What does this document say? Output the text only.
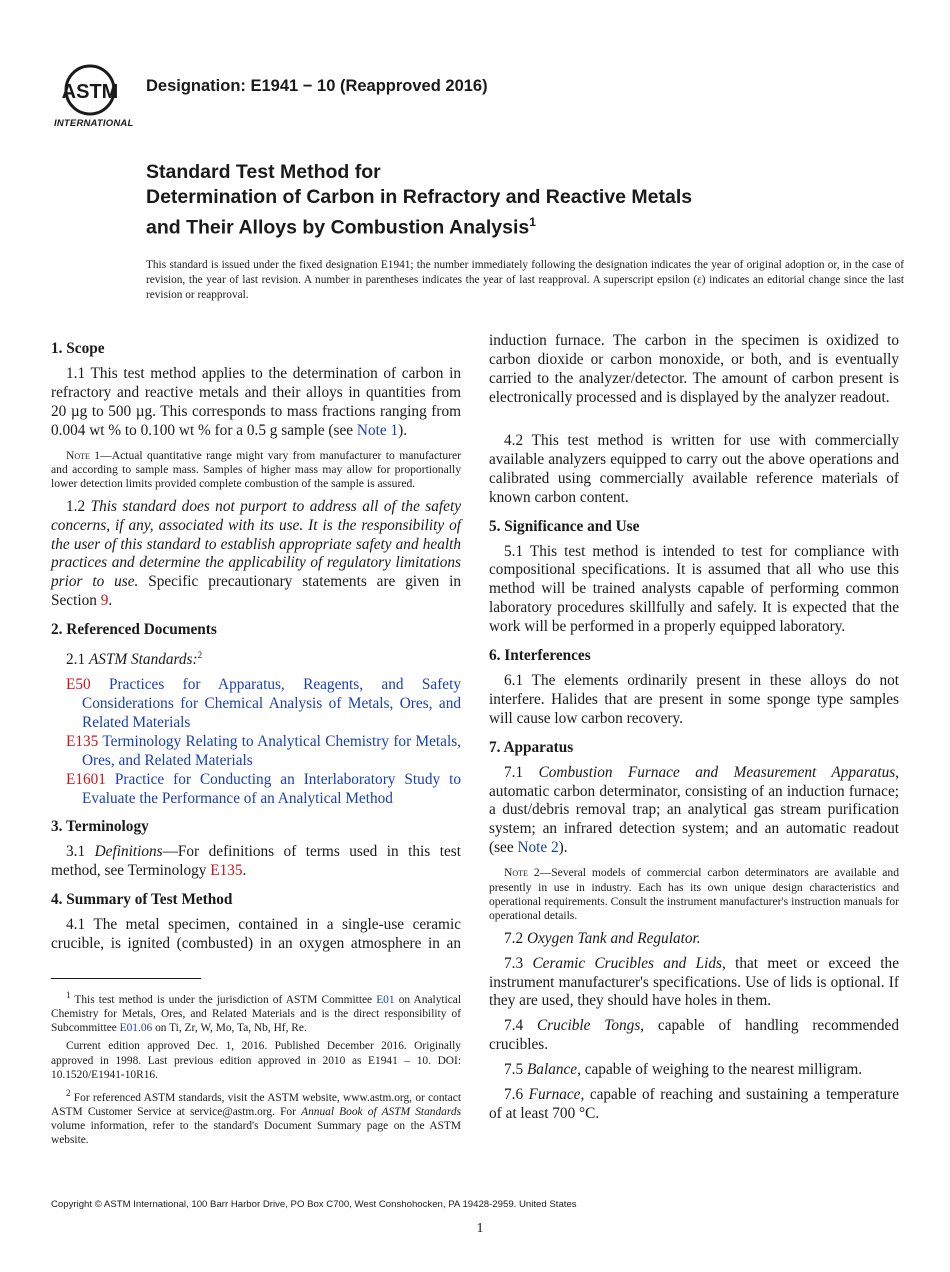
ASTM
INTERNATIONAL
Designation: E1941 − 10 (Reapproved 2016)
Standard Test Method for
Determination of Carbon in Refractory and Reactive Metals
and Their Alloys by Combustion Analysis$^1$
This standard is issued under the fixed designation E1941; the number immediately following the designation indicates the year of original adoption or, in the case of revision, the year of last revision. A number in parentheses indicates the year of last reapproval. A superscript epsilon (ε) indicates an editorial change since the last revision or reapproval.
1. Scope

1.1 This test method applies to the determination of carbon in refractory and reactive metals and their alloys in quantities from 20 µg to 500 µg. This corresponds to mass fractions ranging from 0.004 wt % to 0.100 wt % for a 0.5 g sample (see Note 1).

Note 1—Actual quantitative range might vary from manufacturer to manufacturer and according to sample mass. Samples of higher mass may allow for proportionally lower detection limits provided complete combustion of the sample is assured.

1.2 This standard does not purport to address all of the safety concerns, if any, associated with its use. It is the responsibility of the user of this standard to establish appropriate safety and health practices and determine the applicability of regulatory limitations prior to use. Specific precautionary statements are given in Section 9.

2. Referenced Documents

2.1 ASTM Standards:$^2$

E50 Practices for Apparatus, Reagents, and Safety Considerations for Chemical Analysis of Metals, Ores, and Related Materials
E135 Terminology Relating to Analytical Chemistry for Metals, Ores, and Related Materials
E1601 Practice for Conducting an Interlaboratory Study to Evaluate the Performance of an Analytical Method
3. Terminology

3.1 Definitions—For definitions of terms used in this test method, see Terminology E135.

4. Summary of Test Method

4.1 The metal specimen, contained in a single-use ceramic crucible, is ignited (combusted) in an oxygen atmosphere in an

$^1$ This test method is under the jurisdiction of ASTM Committee E01 on Analytical Chemistry for Metals, Ores, and Related Materials and is the direct responsibility of Subcommittee E01.06 on Ti, Zr, W, Mo, Ta, Nb, Hf, Re.
Current edition approved Dec. 1, 2016. Published December 2016. Originally approved in 1998. Last previous edition approved in 2010 as E1941 – 10. DOI: 10.1520/E1941-10R16.
$^2$ For referenced ASTM standards, visit the ASTM website, www.astm.org, or contact ASTM Customer Service at service@astm.org. For Annual Book of ASTM Standards volume information, refer to the standard's Document Summary page on the ASTM website.

induction furnace. The carbon in the specimen is oxidized to carbon dioxide or carbon monoxide, or both, and is eventually carried to the analyzer/detector. The amount of carbon present is electronically processed and is displayed by the analyzer readout.

4.2 This test method is written for use with commercially available analyzers equipped to carry out the above operations and calibrated using commercially available reference materials of known carbon content.

5. Significance and Use

5.1 This test method is intended to test for compliance with compositional specifications. It is assumed that all who use this method will be trained analysts capable of performing common laboratory procedures skillfully and safely. It is expected that the work will be performed in a properly equipped laboratory.

6. Interferences

6.1 The elements ordinarily present in these alloys do not interfere. Halides that are present in some sponge type samples will cause low carbon recovery.

7. Apparatus

7.1 Combustion Furnace and Measurement Apparatus, automatic carbon determinator, consisting of an induction furnace; a dust/debris removal trap; an analytical gas stream purification system; an infrared detection system; and an automatic readout (see Note 2).

Note 2—Several models of commercial carbon determinators are available and presently in use in industry. Each has its own unique design characteristics and operational requirements. Consult the instrument manufacturer's instruction manuals for operational details.

7.2 Oxygen Tank and Regulator.

7.3 Ceramic Crucibles and Lids, that meet or exceed the instrument manufacturer's specifications. Use of lids is optional. If they are used, they should have holes in them.

7.4 Crucible Tongs, capable of handling recommended crucibles.

7.5 Balance, capable of weighing to the nearest milligram.

7.6 Furnace, capable of reaching and sustaining a temperature of at least 700 °C.

Copyright © ASTM International, 100 Barr Harbor Drive, PO Box C700, West Conshohocken, PA 19428-2959. United States
1
